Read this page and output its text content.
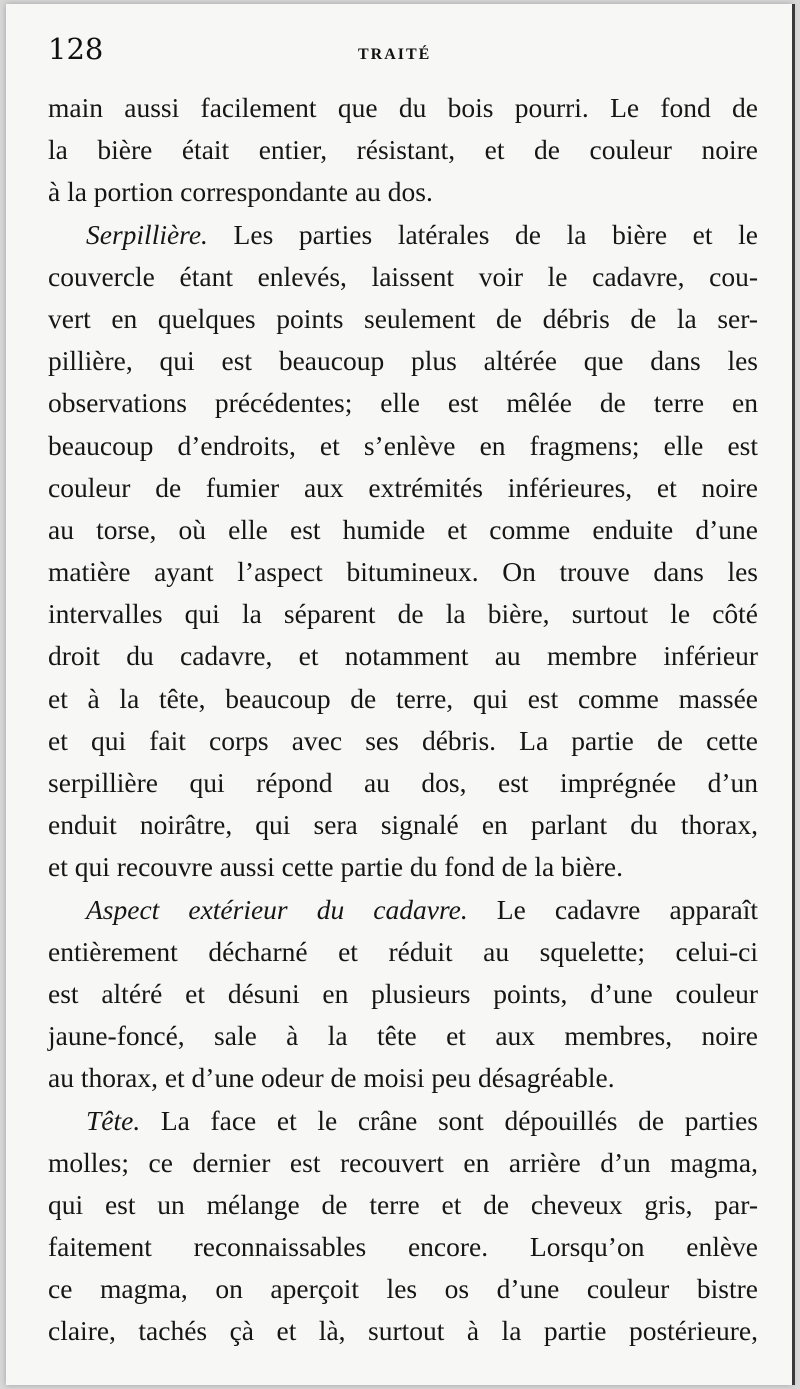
128	TRAITÉ
main aussi facilement que du bois pourri. Le fond de
la bière était entier, résistant, et de couleur noire
à la portion correspondante au dos.
Serpillière. Les parties latérales de la bière et le
couvercle étant enlevés, laissent voir le cadavre, cou-
vert en quelques points seulement de débris de la ser-
pillière, qui est beaucoup plus altérée que dans les
observations précédentes; elle est mêlée de terre en
beaucoup d’endroits, et s’enlève en fragmens; elle est
couleur de fumier aux extrémités inférieures, et noire
au torse, où elle est humide et comme enduite d’une
matière ayant l’aspect bitumineux. On trouve dans les
intervalles qui la séparent de la bière, surtout le côté
droit du cadavre, et notamment au membre inférieur
et à la tête, beaucoup de terre, qui est comme massée
et qui fait corps avec ses débris. La partie de cette
serpillière qui répond au dos, est imprégnée d’un
enduit noirâtre, qui sera signalé en parlant du thorax,
et qui recouvre aussi cette partie du fond de la bière.
Aspect extérieur du cadavre. Le cadavre apparaît
entièrement décharné et réduit au squelette; celui-ci
est altéré et désuni en plusieurs points, d’une couleur
jaune-foncé, sale à la tête et aux membres, noire
au thorax, et d’une odeur de moisi peu désagréable.
Tête. La face et le crâne sont dépouillés de parties
molles; ce dernier est recouvert en arrière d’un magma,
qui est un mélange de terre et de cheveux gris, par-
faitement reconnaissables encore. Lorsqu’on enlève
ce magma, on aperçoit les os d’une couleur bistre
claire, tachés çà et là, surtout à la partie postérieure,
